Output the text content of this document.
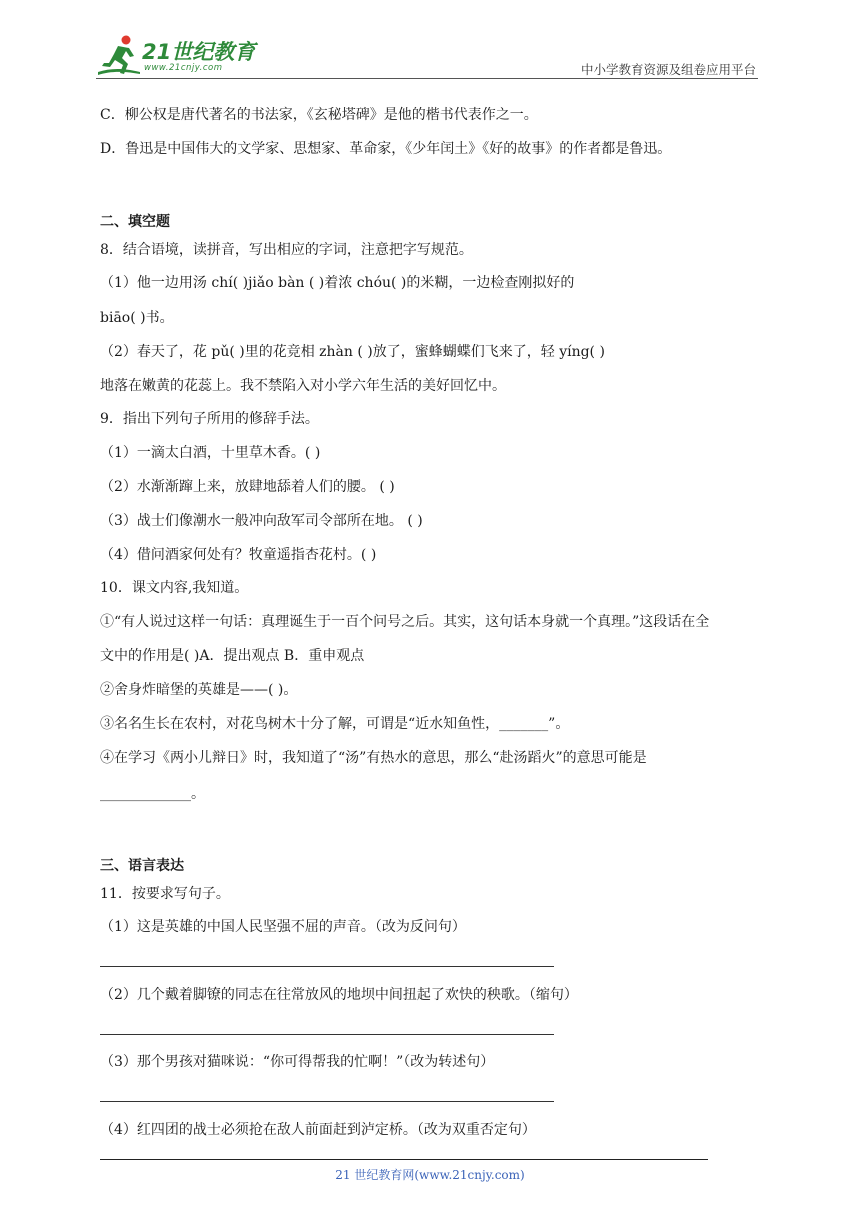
21世纪教育
www.21cnjy.com	中小学教育资源及组卷应用平台
C．柳公权是唐代著名的书法家，《玄秘塔碑》是他的楷书代表作之一。
D．鲁迅是中国伟大的文学家、思想家、革命家，《少年闰土》《好的故事》的作者都是鲁迅。
二、填空题
8．结合语境，读拼音，写出相应的字词，注意把字写规范。
（1）他一边用汤 chí( )jiǎo bàn ( )着浓 chóu( )的米糊，一边检查刚拟好的
biāo( )书。
（2）春天了，花 pǔ( )里的花竞相 zhàn ( )放了，蜜蜂蝴蝶们飞来了，轻 yíng( )
地落在嫩黄的花蕊上。我不禁陷入对小学六年生活的美好回忆中。
9．指出下列句子所用的修辞手法。
（1）一滴太白酒，十里草木香。( )
（2）水渐渐蹿上来，放肆地舔着人们的腰。 ( )
（3）战士们像潮水一般冲向敌军司令部所在地。 ( )
（4）借问酒家何处有？牧童遥指杏花村。( )
10．课文内容,我知道。
①“有人说过这样一句话：真理诞生于一百个问号之后。其实，这句话本身就一个真理。”这段话在全
文中的作用是( )A．提出观点 B．重申观点
②舍身炸暗堡的英雄是——( )。
③名名生长在农村，对花鸟树木十分了解，可谓是“近水知鱼性，_______”。
④在学习《两小儿辩日》时，我知道了“汤”有热水的意思，那么“赴汤蹈火”的意思可能是
_____________。
三、语言表达
11．按要求写句子。
（1）这是英雄的中国人民坚强不屈的声音。（改为反问句）
（2）几个戴着脚镣的同志在往常放风的地坝中间扭起了欢快的秧歌。（缩句）
（3）那个男孩对猫咪说：“你可得帮我的忙啊！”（改为转述句）
（4）红四团的战士必须抢在敌人前面赶到泸定桥。（改为双重否定句）
21 世纪教育网(www.21cnjy.com)
